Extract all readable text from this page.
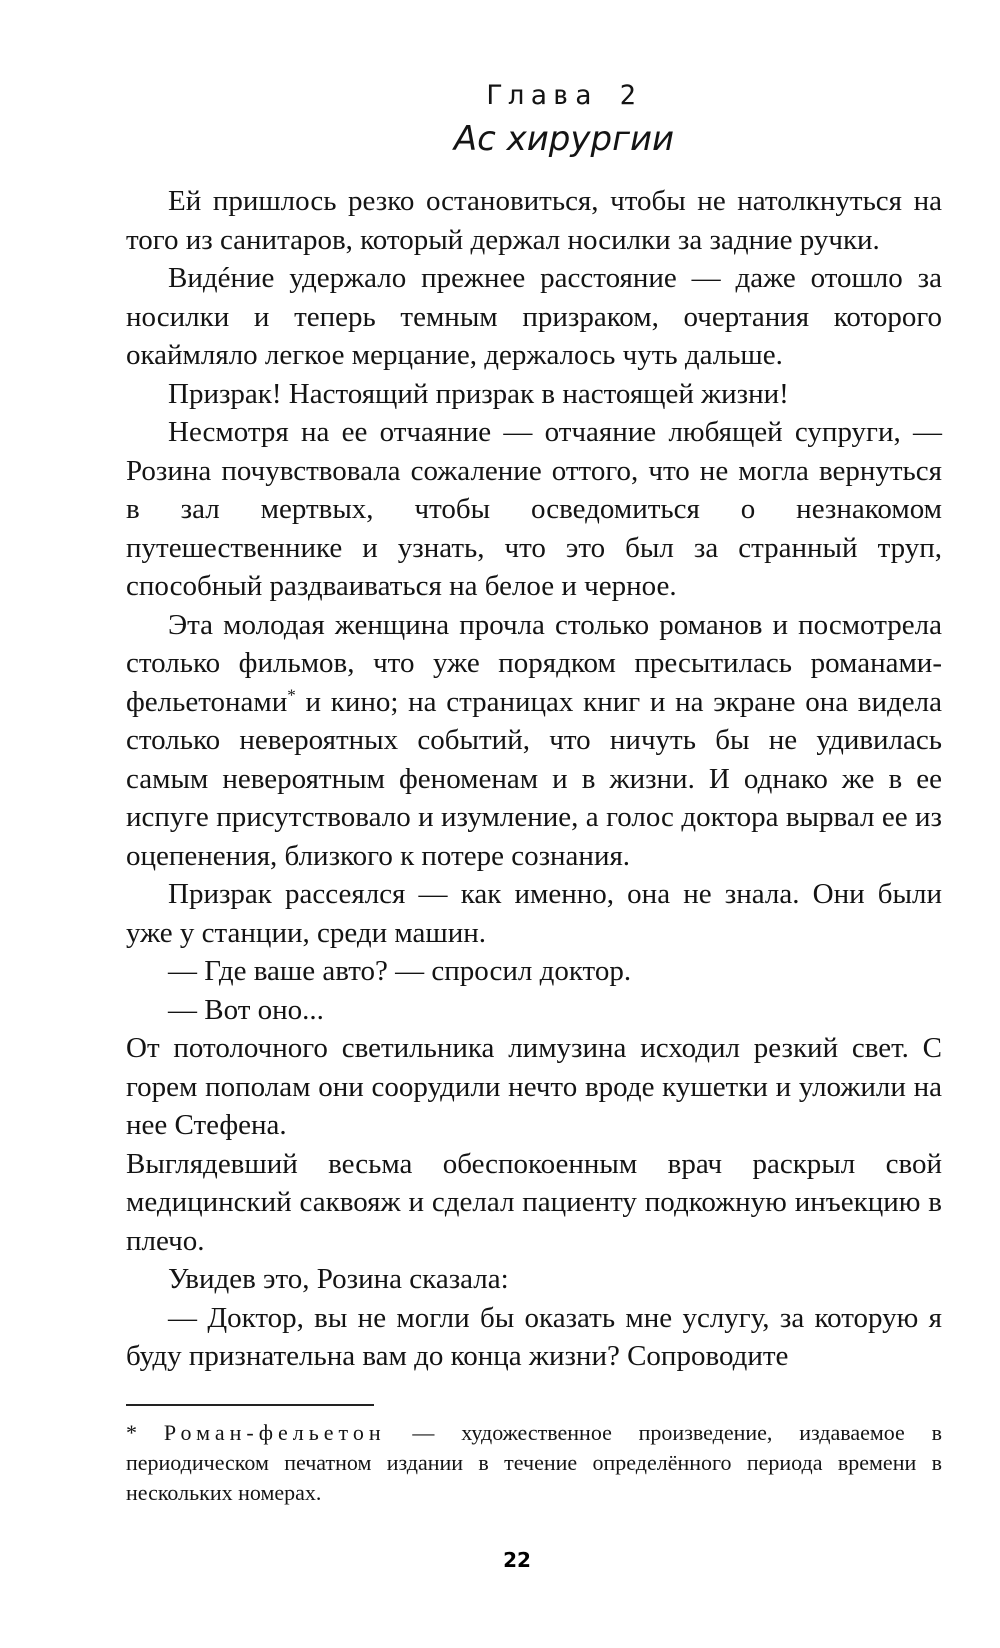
Глава 2
Ас хирургии

Ей пришлось резко остановиться, чтобы не натолкнуться на того из санитаров, который держал носилки за задние ручки.

Видéние удержало прежнее расстояние — даже отошло за носилки и теперь темным призраком, очертания которого окаймляло легкое мерцание, держалось чуть дальше.

Призрак! Настоящий призрак в настоящей жизни!

Несмотря на ее отчаяние — отчаяние любящей супруги, — Розина почувствовала сожаление оттого, что не могла вернуться в зал мертвых, чтобы осведомиться о незнакомом путешественнике и узнать, что это был за странный труп, способный раздваиваться на белое и черное.

Эта молодая женщина прочла столько романов и посмотрела столько фильмов, что уже порядком пресытилась романами-фельетонами* и кино; на страницах книг и на экране она видела столько невероятных событий, что ничуть бы не удивилась самым невероятным феноменам и в жизни. И однако же в ее испуге присутствовало и изумление, а голос доктора вырвал ее из оцепенения, близкого к потере сознания.

Призрак рассеялся — как именно, она не знала. Они были уже у станции, среди машин.

— Где ваше авто? — спросил доктор.

— Вот оно...

От потолочного светильника лимузина исходил резкий свет. С горем пополам они соорудили нечто вроде кушетки и уложили на нее Стефена.

Выглядевший весьма обеспокоенным врач раскрыл свой медицинский саквояж и сделал пациенту подкожную инъекцию в плечо.

Увидев это, Розина сказала:

— Доктор, вы не могли бы оказать мне услугу, за которую я буду признательна вам до конца жизни? Сопроводите

* Роман-фельетон — художественное произведение, издаваемое в периодическом печатном издании в течение определённого периода времени в нескольких номерах.
22
